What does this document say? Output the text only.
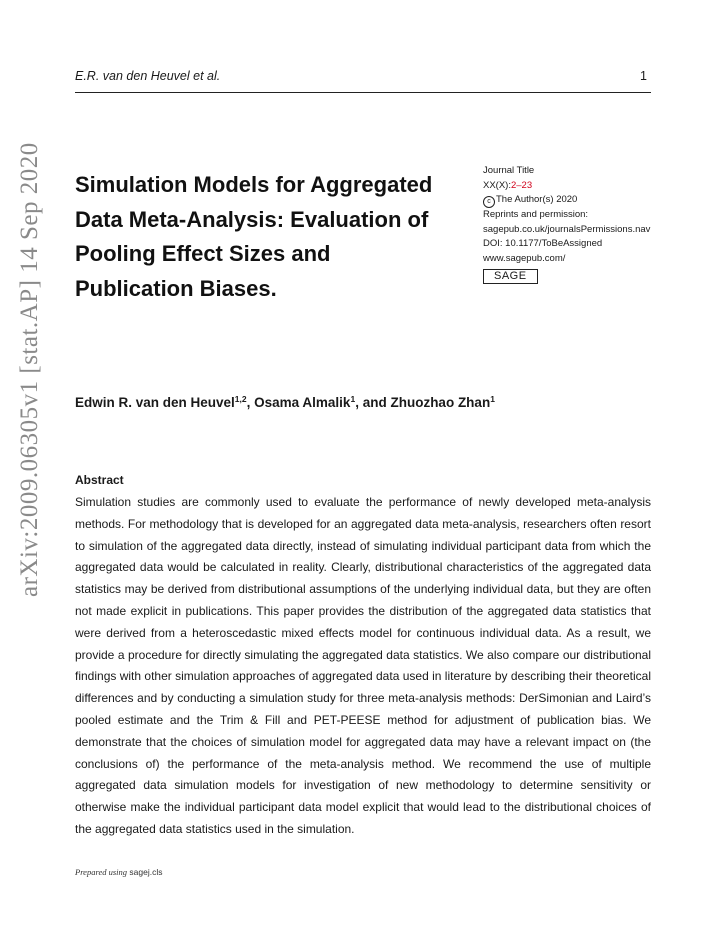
E.R. van den Heuvel et al.	1
arXiv:2009.06305v1 [stat.AP] 14 Sep 2020	Simulation Models for Aggregated Data Meta-Analysis: Evaluation of Pooling Effect Sizes and Publication Biases.
Journal Title
XX(X):2–23
c The Author(s) 2020
Reprints and permission:
sagepub.co.uk/journalsPermissions.nav
DOI: 10.1177/ToBeAssigned
www.sagepub.com/
SAGE
Edwin R. van den Heuvel$^{1,2}$, Osama Almalik$^1$, and Zhuozhao Zhan$^1$
Abstract

Simulation studies are commonly used to evaluate the performance of newly developed meta-analysis methods. For methodology that is developed for an aggregated data meta-analysis, researchers often resort to simulation of the aggregated data directly, instead of simulating individual participant data from which the aggregated data would be calculated in reality. Clearly, distributional characteristics of the aggregated data statistics may be derived from distributional assumptions of the underlying individual data, but they are often not made explicit in publications. This paper provides the distribution of the aggregated data statistics that were derived from a heteroscedastic mixed effects model for continuous individual data. As a result, we provide a procedure for directly simulating the aggregated data statistics. We also compare our distributional findings with other simulation approaches of aggregated data used in literature by describing their theoretical differences and by conducting a simulation study for three meta-analysis methods: DerSimonian and Laird’s pooled estimate and the Trim & Fill and PET-PEESE method for adjustment of publication bias. We demonstrate that the choices of simulation model for aggregated data may have a relevant impact on (the conclusions of) the performance of the meta-analysis method. We recommend the use of multiple aggregated data simulation models for investigation of new methodology to determine sensitivity or otherwise make the individual participant data model explicit that would lead to the distributional choices of the aggregated data statistics used in the simulation.

Prepared using sagej.cls
